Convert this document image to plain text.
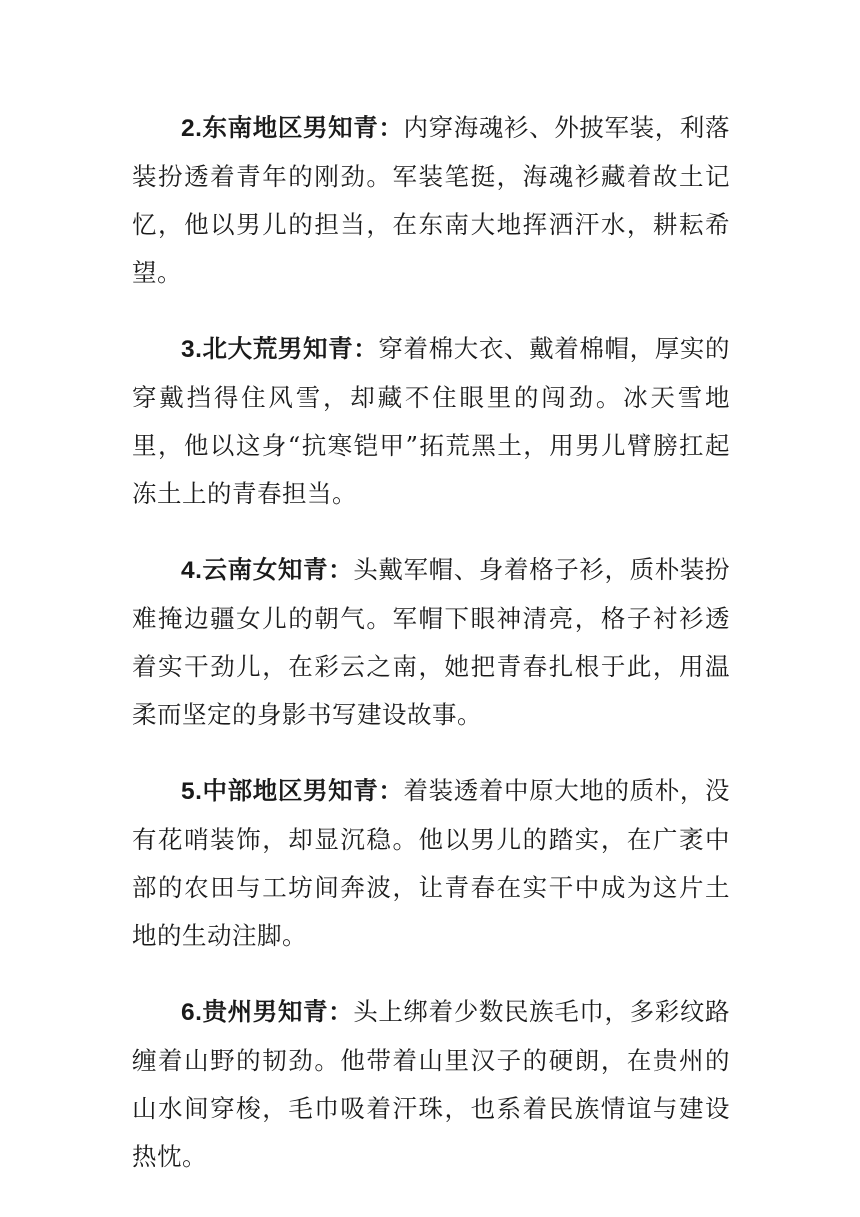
2.东南地区男知青：内穿海魂衫、外披军装，利落装扮透着青年的刚劲。军装笔挺，海魂衫藏着故土记忆，他以男儿的担当，在东南大地挥洒汗水，耕耘希望。

3.北大荒男知青：穿着棉大衣、戴着棉帽，厚实的穿戴挡得住风雪，却藏不住眼里的闯劲。冰天雪地里，他以这身“抗寒铠甲”拓荒黑土，用男儿臂膀扛起冻土上的青春担当。

4.云南女知青：头戴军帽、身着格子衫，质朴装扮难掩边疆女儿的朝气。军帽下眼神清亮，格子衬衫透着实干劲儿，在彩云之南，她把青春扎根于此，用温柔而坚定的身影书写建设故事。

5.中部地区男知青：着装透着中原大地的质朴，没有花哨装饰，却显沉稳。他以男儿的踏实，在广袤中部的农田与工坊间奔波，让青春在实干中成为这片土地的生动注脚。

6.贵州男知青：头上绑着少数民族毛巾，多彩纹路缠着山野的韧劲。他带着山里汉子的硬朗，在贵州的山水间穿梭，毛巾吸着汗珠，也系着民族情谊与建设热忱。
